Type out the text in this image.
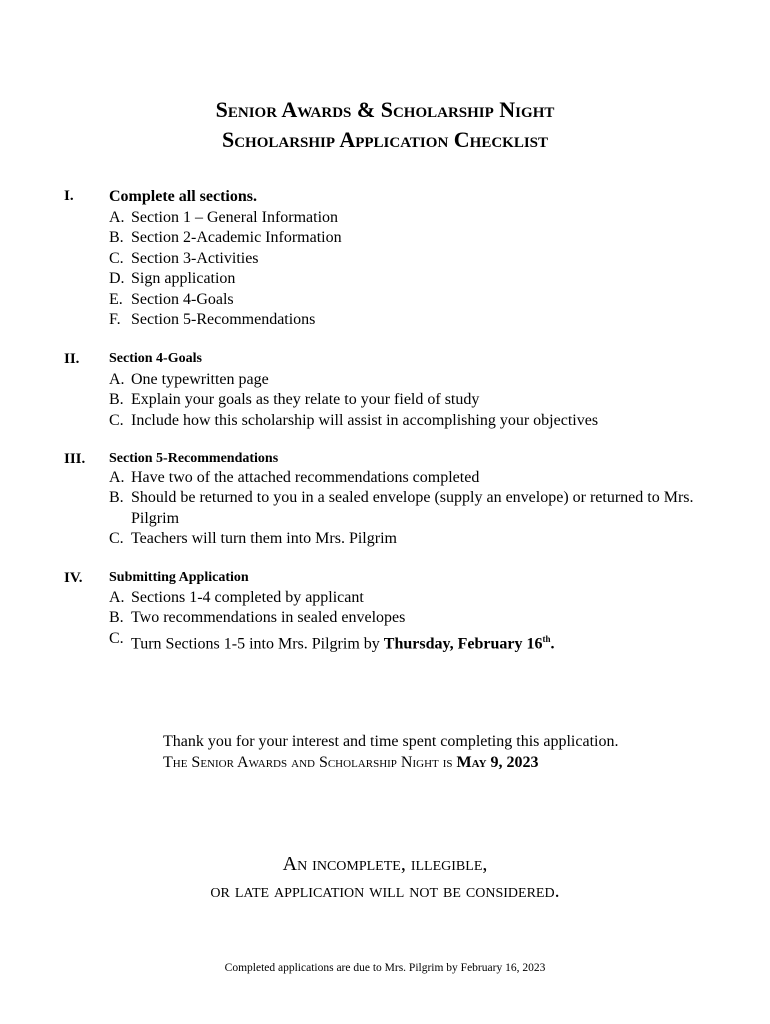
Senior Awards & Scholarship Night
Scholarship Application Checklist
I. Complete all sections.
A. Section 1 – General Information
B. Section 2-Academic Information
C. Section 3-Activities
D. Sign application
E. Section 4-Goals
F. Section 5-Recommendations
II. Section 4-Goals
A. One typewritten page
B. Explain your goals as they relate to your field of study
C. Include how this scholarship will assist in accomplishing your objectives
III. Section 5-Recommendations
A. Have two of the attached recommendations completed
B. Should be returned to you in a sealed envelope (supply an envelope) or returned to Mrs. Pilgrim
C. Teachers will turn them into Mrs. Pilgrim
IV. Submitting Application
A. Sections 1-4 completed by applicant
B. Two recommendations in sealed envelopes
C. Turn Sections 1-5 into Mrs. Pilgrim by Thursday, February 16th.
Thank you for your interest and time spent completing this application.
The Senior Awards and Scholarship Night is May 9, 2023
An incomplete, illegible,
or late application will not be considered.
Completed applications are due to Mrs. Pilgrim by February 16, 2023
